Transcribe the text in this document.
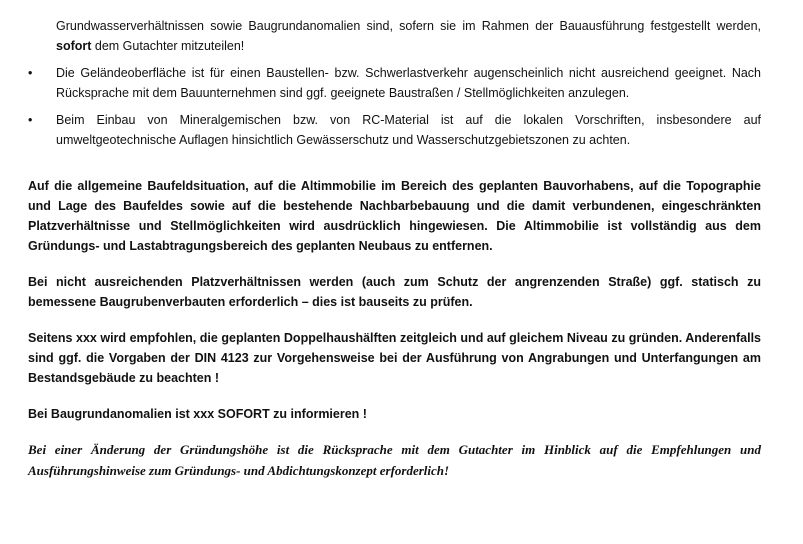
Grundwasserverhältnissen sowie Baugrundanomalien sind, sofern sie im Rahmen der Bauausführung festgestellt werden, sofort dem Gutachter mitzuteilen!
•	Die Geländeoberfläche ist für einen Baustellen- bzw. Schwerlastverkehr augenscheinlich nicht ausreichend geeignet. Nach Rücksprache mit dem Bauunternehmen sind ggf. geeignete Baustraßen / Stellmöglichkeiten anzulegen.
•	Beim Einbau von Mineralgemischen bzw. von RC-Material ist auf die lokalen Vorschriften, insbesondere auf umweltgeotechnische Auflagen hinsichtlich Gewässerschutz und Wasserschutzgebietszonen zu achten.

Auf die allgemeine Baufeldsituation, auf die Altimmobilie im Bereich des geplanten Bauvorhabens, auf die Topographie und Lage des Baufeldes sowie auf die bestehende Nachbarbebauung und die damit verbundenen, eingeschränkten Platzverhältnisse und Stellmöglichkeiten wird ausdrücklich hingewiesen. Die Altimmobilie ist vollständig aus dem Gründungs- und Lastabtragungsbereich des geplanten Neubaus zu entfernen.

Bei nicht ausreichenden Platzverhältnissen werden (auch zum Schutz der angrenzenden Straße) ggf. statisch zu bemessene Baugrubenverbauten erforderlich – dies ist bauseits zu prüfen.

Seitens xxx wird empfohlen, die geplanten Doppelhaushälften zeitgleich und auf gleichem Niveau zu gründen. Anderenfalls sind ggf. die Vorgaben der DIN 4123 zur Vorgehensweise bei der Ausführung von Angrabungen und Unterfangungen am Bestandsgebäude zu beachten !

Bei Baugrundanomalien ist xxx SOFORT zu informieren !

Bei einer Änderung der Gründungshöhe ist die Rücksprache mit dem Gutachter im Hinblick auf die Empfehlungen und Ausführungshinweise zum Gründungs- und Abdichtungskonzept erforderlich!
